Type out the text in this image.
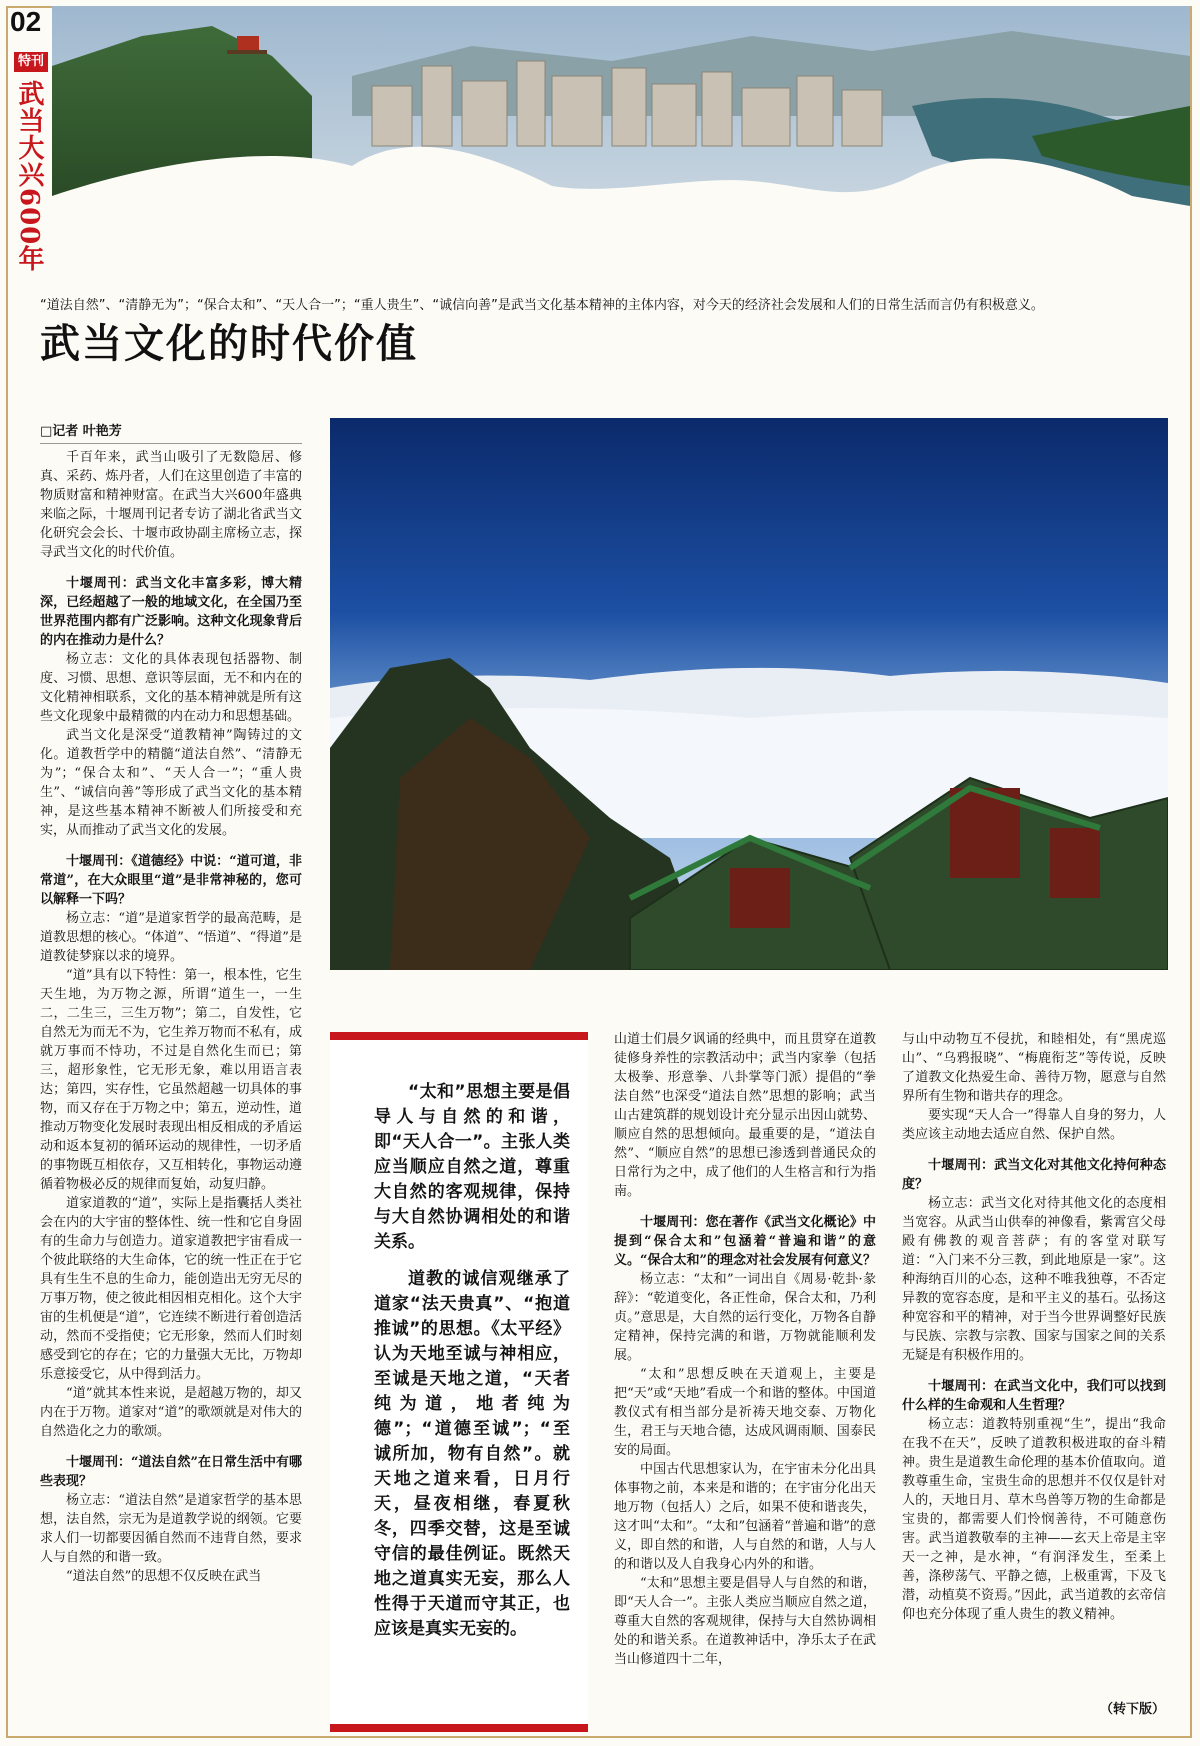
02
特刊
武当大兴600年
“道法自然”、“清静无为”；“保合太和”、“天人合一”；“重人贵生”、“诚信向善”是武当文化基本精神的主体内容，对今天的经济社会发展和人们的日常生活而言仍有积极意义。
武当文化的时代价值
□记者 叶艳芳

千百年来，武当山吸引了无数隐居、修真、采药、炼丹者，人们在这里创造了丰富的物质财富和精神财富。在武当大兴600年盛典来临之际，十堰周刊记者专访了湖北省武当文化研究会会长、十堰市政协副主席杨立志，探寻武当文化的时代价值。

十堰周刊：武当文化丰富多彩，博大精深，已经超越了一般的地域文化，在全国乃至世界范围内都有广泛影响。这种文化现象背后的内在推动力是什么？

杨立志：文化的具体表现包括器物、制度、习惯、思想、意识等层面，无不和内在的文化精神相联系，文化的基本精神就是所有这些文化现象中最精微的内在动力和思想基础。

武当文化是深受“道教精神”陶铸过的文化。道教哲学中的精髓“道法自然”、“清静无为”；“保合太和”、“天人合一”；“重人贵生”、“诚信向善”等形成了武当文化的基本精神，是这些基本精神不断被人们所接受和充实，从而推动了武当文化的发展。

十堰周刊：《道德经》中说：“道可道，非常道”，在大众眼里“道”是非常神秘的，您可以解释一下吗？

杨立志：“道”是道家哲学的最高范畴，是道教思想的核心。“体道”、“悟道”、“得道”是道教徒梦寐以求的境界。

“道”具有以下特性：第一，根本性，它生天生地，为万物之源，所谓“道生一，一生二，二生三，三生万物”；第二，自发性，它自然无为而无不为，它生养万物而不私有，成就万事而不恃功，不过是自然化生而已；第三，超形象性，它无形无象，难以用语言表达；第四，实存性，它虽然超越一切具体的事物，而又存在于万物之中；第五，逆动性，道推动万物变化发展时表现出相反相成的矛盾运动和返本复初的循环运动的规律性，一切矛盾的事物既互相依存，又互相转化，事物运动遵循着物极必反的规律而复始，动复归静。

道家道教的“道”，实际上是指囊括人类社会在内的大宇宙的整体性、统一性和它自身固有的生命力与创造力。道家道教把宇宙看成一个彼此联络的大生命体，它的统一性正在于它具有生生不息的生命力，能创造出无穷无尽的万事万物，使之彼此相因相克相化。这个大宇宙的生机便是“道”，它连续不断进行着创造活动，然而不受指使；它无形象，然而人们时刻感受到它的存在；它的力量强大无比，万物却乐意接受它，从中得到活力。

“道”就其本性来说，是超越万物的，却又内在于万物。道家对“道”的歌颂就是对伟大的自然造化之力的歌颂。

十堰周刊：“道法自然”在日常生活中有哪些表现？

杨立志：“道法自然”是道家哲学的基本思想，法自然，宗无为是道教学说的纲领。它要求人们一切都要因循自然而不违背自然，要求人与自然的和谐一致。

“道法自然”的思想不仅反映在武当

“太和”思想主要是倡导人与自然的和谐，即“天人合一”。主张人类应当顺应自然之道，尊重大自然的客观规律，保持与大自然协调相处的和谐关系。

道教的诚信观继承了道家“法天贵真”、“抱道推诚”的思想。《太平经》认为天地至诚与神相应，至诚是天地之道，“天者纯为道，地者纯为德”；“道德至诚”；“至诚所加，物有自然”。就天地之道来看，日月行天，昼夜相继，春夏秋冬，四季交替，这是至诚守信的最佳例证。既然天地之道真实无妄，那么人性得于天道而守其正，也应该是真实无妄的。

山道士们晨夕讽诵的经典中，而且贯穿在道教徒修身养性的宗教活动中；武当内家拳（包括太极拳、形意拳、八卦掌等门派）提倡的“拳法自然”也深受“道法自然”思想的影响；武当山古建筑群的规划设计充分显示出因山就势、顺应自然的思想倾向。最重要的是，“道法自然”、“顺应自然”的思想已渗透到普通民众的日常行为之中，成了他们的人生格言和行为指南。

十堰周刊：您在著作《武当文化概论》中提到“保合太和”包涵着“普遍和谐”的意义。“保合太和”的理念对社会发展有何意义？

杨立志：“太和”一词出自《周易·乾卦·彖辞》：“乾道变化，各正性命，保合太和，乃利贞。”意思是，大自然的运行变化，万物各自静定精神，保持完满的和谐，万物就能顺利发展。

“太和”思想反映在天道观上，主要是把“天”或“天地”看成一个和谐的整体。中国道教仪式有相当部分是祈祷天地交泰、万物化生，君王与天地合德，达成风调雨顺、国泰民安的局面。

中国古代思想家认为，在宇宙未分化出具体事物之前，本来是和谐的；在宇宙分化出天地万物（包括人）之后，如果不使和谐丧失，这才叫“太和”。“太和”包涵着“普遍和谐”的意义，即自然的和谐，人与自然的和谐，人与人的和谐以及人自我身心内外的和谐。

“太和”思想主要是倡导人与自然的和谐，即“天人合一”。主张人类应当顺应自然之道，尊重大自然的客观规律，保持与大自然协调相处的和谐关系。在道教神话中，净乐太子在武当山修道四十二年，

与山中动物互不侵扰，和睦相处，有“黑虎巡山”、“乌鸦报晓”、“梅鹿衔芝”等传说，反映了道教文化热爱生命、善待万物，愿意与自然界所有生物和谐共存的理念。

要实现“天人合一”得靠人自身的努力，人类应该主动地去适应自然、保护自然。

十堰周刊：武当文化对其他文化持何种态度？

杨立志：武当文化对待其他文化的态度相当宽容。从武当山供奉的神像看，紫霄宫父母殿有佛教的观音菩萨；有的客堂对联写道：“入门来不分三教，到此地原是一家”。这种海纳百川的心态，这种不唯我独尊，不否定异教的宽容态度，是和平主义的基石。弘扬这种宽容和平的精神，对于当今世界调整好民族与民族、宗教与宗教、国家与国家之间的关系无疑是有积极作用的。

十堰周刊：在武当文化中，我们可以找到什么样的生命观和人生哲理？

杨立志：道教特别重视“生”，提出“我命在我不在天”，反映了道教积极进取的奋斗精神。贵生是道教生命伦理的基本价值取向。道教尊重生命，宝贵生命的思想并不仅仅是针对人的，天地日月、草木鸟兽等万物的生命都是宝贵的，都需要人们怜悯善待，不可随意伤害。武当道教敬奉的主神——玄天上帝是主宰天一之神，是水神，“有润泽发生，至柔上善，涤秽荡气、平静之德，上极重霄，下及飞潜，动植莫不资焉。”因此，武当道教的玄帝信仰也充分体现了重人贵生的教义精神。

（转下版）
